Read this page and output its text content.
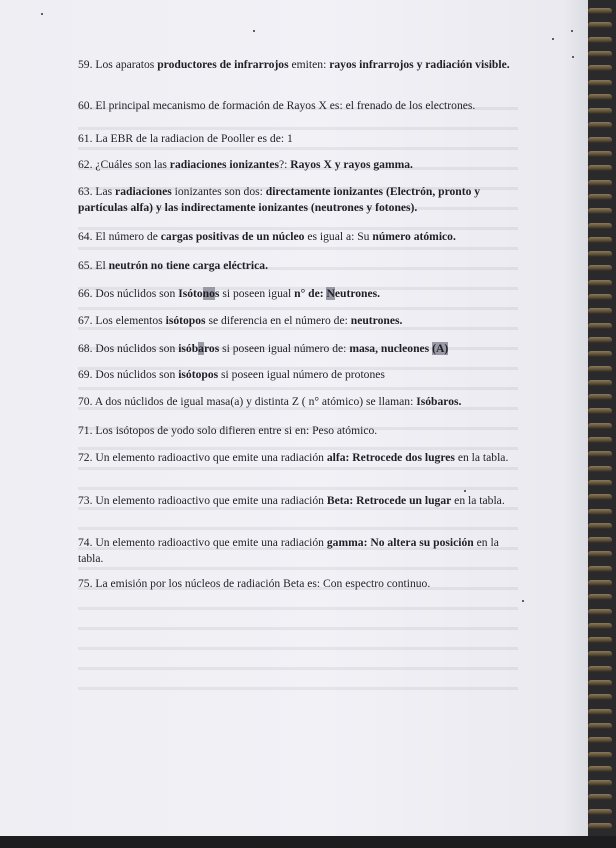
59. Los aparatos productores de infrarrojos emiten: rayos infrarrojos y radiación visible.
60. El principal mecanismo de formación de Rayos X es: el frenado de los electrones.
61. La EBR de la radiacion de Pooller es de: 1
62. ¿Cuáles son las radiaciones ionizantes?: Rayos X y rayos gamma.
63. Las radiaciones ionizantes son dos: directamente ionizantes (Electrón, pronto y partículas alfa) y las indirectamente ionizantes (neutrones y fotones).
64. El número de cargas positivas de un núcleo es igual a: Su número atómico.
65. El neutrón no tiene carga eléctrica.
66. Dos núclidos son Isótonos si poseen igual n° de: Neutrones.
67. Los elementos isótopos se diferencia en el número de: neutrones.
68. Dos núclidos son isóbaros si poseen igual número de: masa, nucleones (A)
69. Dos núclidos son isótopos si poseen igual número de protones
70. A dos núclidos de igual masa(a) y distinta Z ( n° atómico) se llaman: Isóbaros.
71. Los isótopos de yodo solo difieren entre si en: Peso atómico.
72. Un elemento radioactivo que emite una radiación alfa: Retrocede dos lugres en la tabla.
73. Un elemento radioactivo que emite una radiación Beta: Retrocede un lugar en la tabla.
74. Un elemento radioactivo que emite una radiación gamma: No altera su posición en la tabla.
75. La emisión por los núcleos de radiación Beta es: Con espectro continuo.
